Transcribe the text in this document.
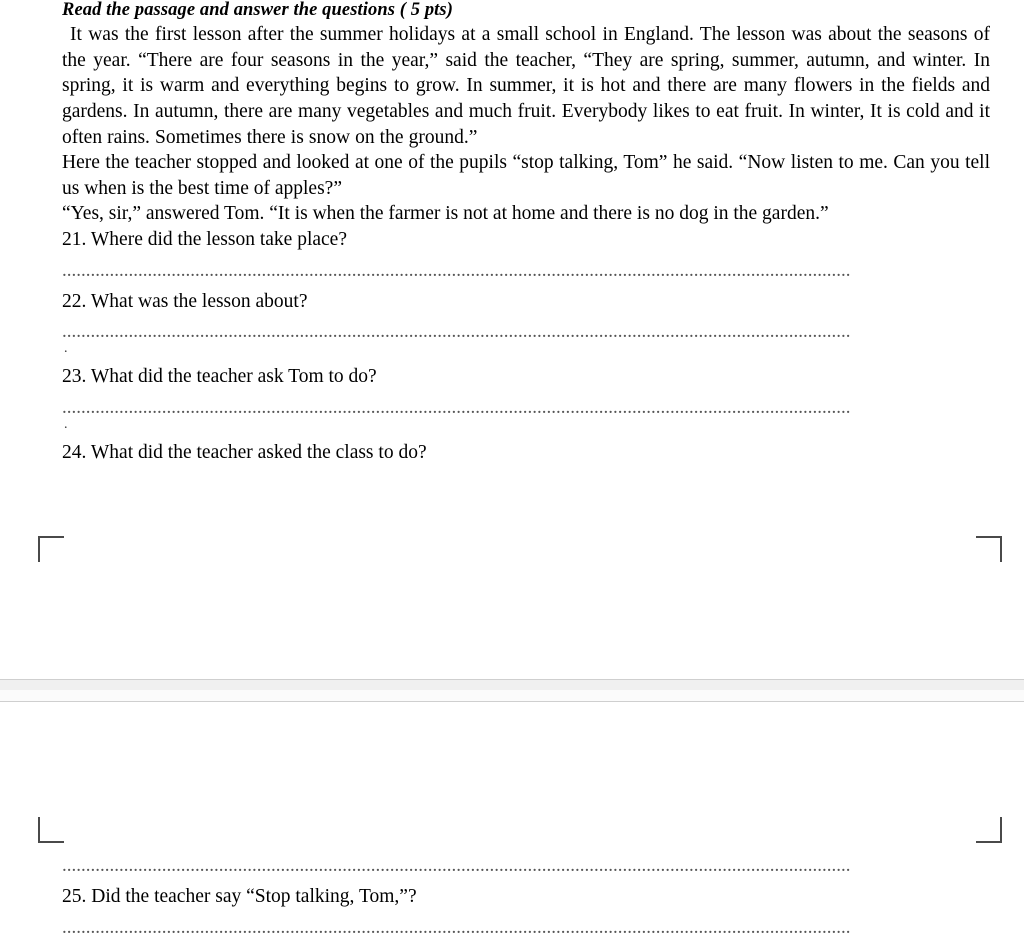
Read the passage and answer the questions ( 5 pts)

It was the first lesson after the summer holidays at a small school in England. The lesson was about the seasons of the year. “There are four seasons in the year,” said the teacher, “They are spring, summer, autumn, and winter. In spring, it is warm and everything begins to grow. In summer, it is hot and there are many flowers in the fields and gardens. In autumn, there are many vegetables and much fruit. Everybody likes to eat fruit. In winter, It is cold and it often rains. Sometimes there is snow on the ground.”

Here the teacher stopped and looked at one of the pupils “stop talking, Tom” he said. “Now listen to me. Can you tell us when is the best time of apples?”

“Yes, sir,” answered Tom. “It is when the farmer is not at home and there is no dog in the garden.”

21. Where did the lesson take place?

......................................................................................................................................................................

22. What was the lesson about?

......................................................................................................................................................................
.

23. What did the teacher ask Tom to do?

......................................................................................................................................................................
.

24. What did the teacher asked the class to do?

......................................................................................................................................................................

25. Did the teacher say “Stop talking, Tom,”?

......................................................................................................................................................................
